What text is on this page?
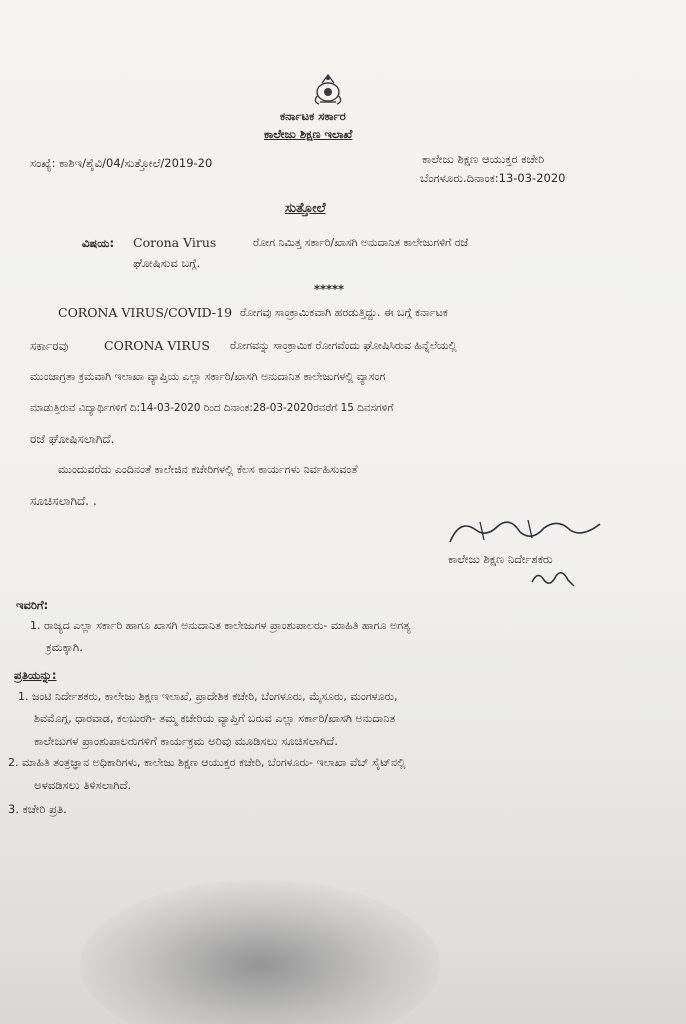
ಕರ್ನಾಟಕ ಸರ್ಕಾರ
ಕಾಲೇಜು ಶಿಕ್ಷಣ ಇಲಾಖೆ
ಸಂಖ್ಯೆ: ಕಾಶಿಇ/ಶೈವಿ/04/ಸುತ್ತೋಲೆ/2019-20	ಕಾಲೇಜು ಶಿಕ್ಷಣ ಆಯುಕ್ತರ ಕಚೇರಿ
ಬೆಂಗಳೂರು.ದಿನಾಂಕ:13-03-2020
ಸುತ್ತೋಲೆ
ವಿಷಯ: Corona Virus	ರೋಗ ನಿಮಿತ್ತ ಸರ್ಕಾರಿ/ಖಾಸಗಿ ಅನುದಾನಿತ ಕಾಲೇಜುಗಳಿಗೆ ರಜೆ
ಘೋಷಿಸುವ ಬಗ್ಗೆ.
*****
CORONA VIRUS/COVID-19 ರೋಗವು ಸಾಂಕ್ರಾಮಿಕವಾಗಿ ಹರಡುತ್ತಿದ್ದು. ಈ ಬಗ್ಗೆ ಕರ್ನಾಟಕ
ಸರ್ಕಾರವು	CORONA VIRUS ರೋಗವನ್ನು ಸಾಂಕ್ರಾಮಿಕ ರೋಗವೆಂದು ಘೋಷಿಸಿರುವ ಹಿನ್ನೆಲೆಯಲ್ಲಿ
ಮುಂಜಾಗ್ರತಾ ಕ್ರಮವಾಗಿ ಇಲಾಖಾ ವ್ಯಾಪ್ತಿಯ ಎಲ್ಲಾ ಸರ್ಕಾರಿ/ಖಾಸಗಿ ಅನುದಾನಿತ ಕಾಲೇಜುಗಳಲ್ಲಿ ವ್ಯಾಸಂಗ
ಮಾಡುತ್ತಿರುವ ವಿದ್ಯಾರ್ಥಿಗಳಿಗೆ ದಿ:14-03-2020 ರಿಂದ ದಿನಾಂಕ:28-03-2020ರವರೆಗೆ 15 ದಿವಸಗಳಿಗೆ
ರಜೆ ಘೋಷಿಸಲಾಗಿದೆ.
ಮುಂದುವರೆದು ಎಂದಿನಂತೆ ಕಾಲೇಜಿನ ಕಚೇರಿಗಳಲ್ಲಿ ಕೆಲಸ ಕಾರ್ಯಗಳು ನಿರ್ವಹಿಸುವಂತೆ
ಸೂಚಿಸಲಾಗಿದೆ. .
ಕಾಲೇಜು ಶಿಕ್ಷಣ ನಿರ್ದೇಶಕರು
ಇವರಿಗೆ:
1. ರಾಜ್ಯದ ಎಲ್ಲಾ ಸರ್ಕಾರಿ ಹಾಗೂ ಖಾಸಗಿ ಅನುದಾನಿತ ಕಾಲೇಜುಗಳ ಪ್ರಾಂಶುಪಾಲರು- ಮಾಹಿತಿ ಹಾಗೂ ಅಗತ್ಯ
ಕ್ರಮಕ್ಕಾಗಿ.
ಪ್ರತಿಯನ್ನು:
1. ಜಂಟಿ ನಿರ್ದೇಶಕರು, ಕಾಲೇಜು ಶಿಕ್ಷಣ ಇಲಾಖೆ, ಪ್ರಾದೇಶಿಕ ಕಚೇರಿ, ಬೆಂಗಳೂರು, ಮೈಸೂರು, ಮಂಗಳೂರು,
ಶಿವಮೊಗ್ಗ, ಧಾರವಾಡ, ಕಲಬುರಗಿ- ತಮ್ಮ ಕಚೇರಿಯ ವ್ಯಾಪ್ತಿಗೆ ಬರುವ ಎಲ್ಲಾ ಸರ್ಕಾರಿ/ಖಾಸಗಿ ಅನುದಾನಿತ
ಕಾಲೇಜುಗಳ ಪ್ರಾಂಶುಪಾಲರುಗಳಿಗೆ ಕಾರ್ಯಕ್ರಮ ಅರಿವು ಮೂಡಿಸಲು ಸೂಚಿಸಲಾಗಿದೆ.
2. ಮಾಹಿತಿ ತಂತ್ರಜ್ಞಾನ ಅಧಿಕಾರಿಗಳು, ಕಾಲೇಜು ಶಿಕ್ಷಣ ಆಯುಕ್ತರ ಕಚೇರಿ, ಬೆಂಗಳೂರು- ಇಲಾಖಾ ವೆಬ್ ಸೈಟ್‌ನಲ್ಲಿ
ಅಳವಡಿಸಲು ತಿಳಿಸಲಾಗಿದೆ.
3. ಕಚೇರಿ ಪ್ರತಿ.
